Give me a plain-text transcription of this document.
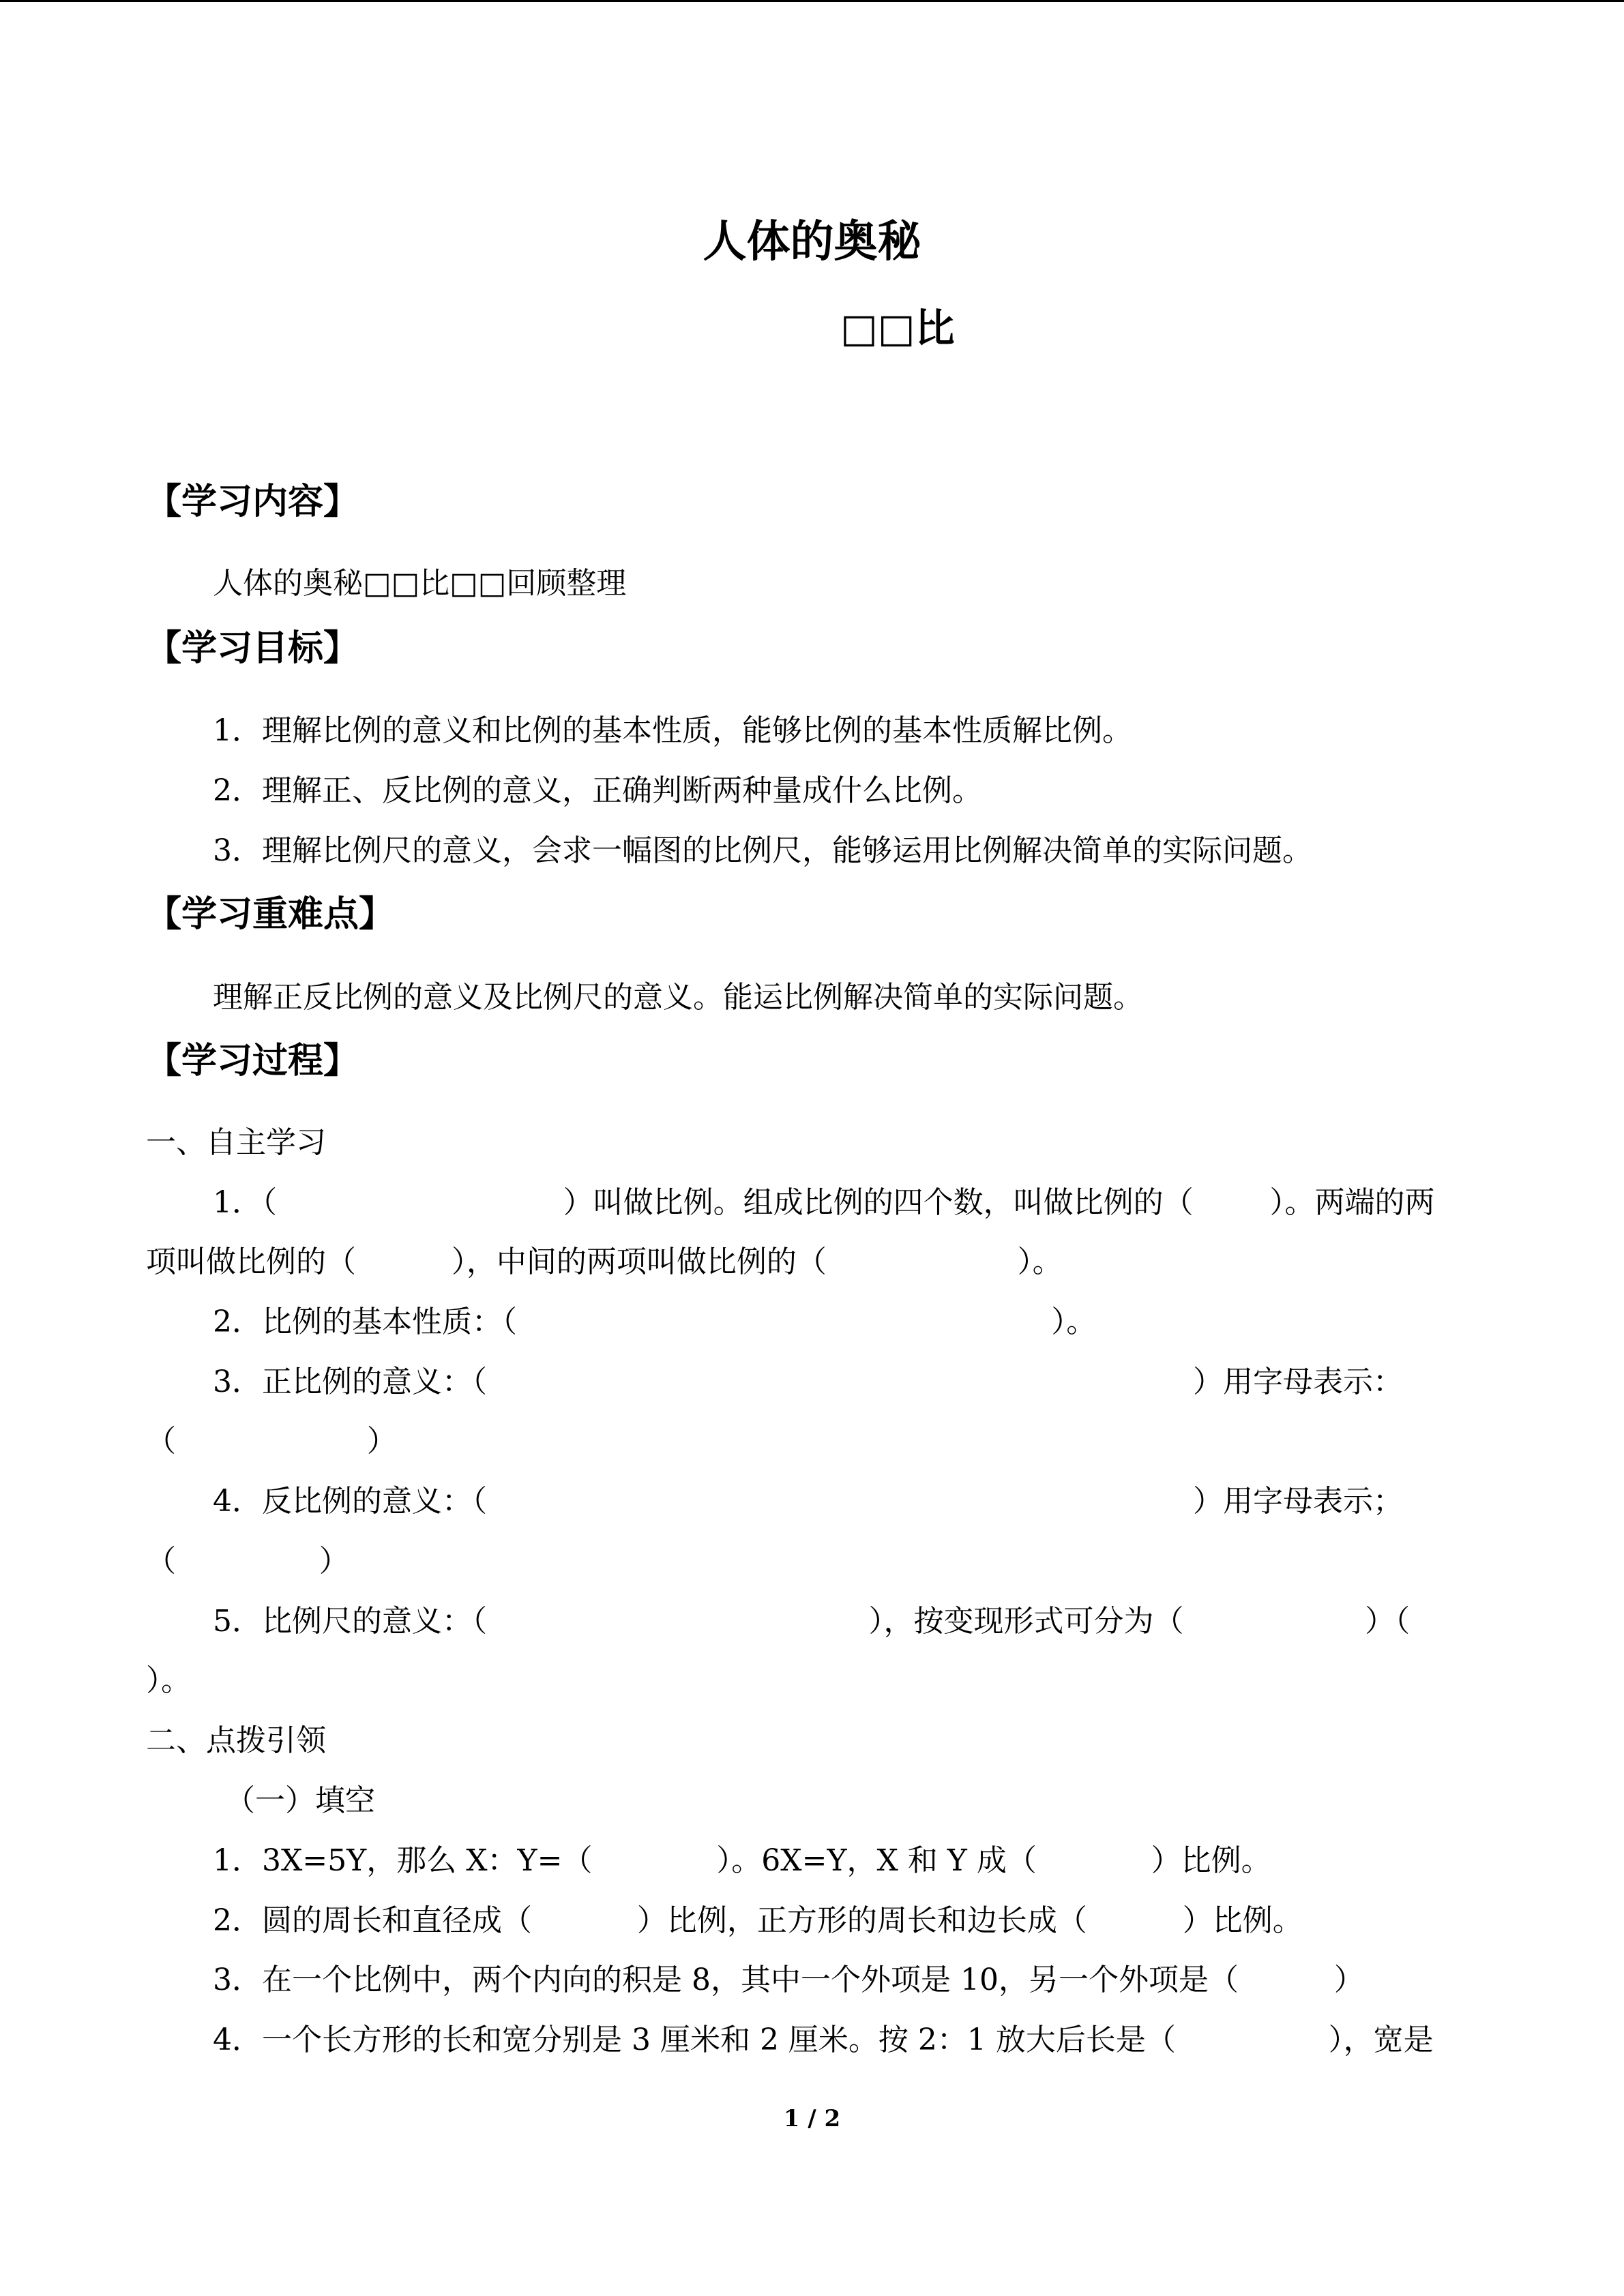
人体的奥秘
□□比
【学习内容】
人体的奥秘□□比□□回顾整理
【学习目标】
1．理解比例的意义和比例的基本性质，能够比例的基本性质解比例。
2．理解正、反比例的意义，正确判断两种量成什么比例。
3．理解比例尺的意义，会求一幅图的比例尺，能够运用比例解决简单的实际问题。
【学习重难点】
理解正反比例的意义及比例尺的意义。能运比例解决简单的实际问题。
【学习过程】
一、自主学习
1．（                              ）叫做比例。组成比例的四个数，叫做比例的（        ）。两端的两
项叫做比例的（          ），中间的两项叫做比例的（                    ）。
2．比例的基本性质：（                                                        ）。
3．正比例的意义：（                                                                          ）用字母表示：
（                    ）
4．反比例的意义：（                                                                          ）用字母表示；
（               ）
5．比例尺的意义：（                                        ），按变现形式可分为（                   ）（
）。
二、点拨引领
（一）填空
1．3X=5Y，那么 X：Y=（             ）。6X=Y，X 和 Y 成（            ）比例。
2．圆的周长和直径成（           ）比例，正方形的周长和边长成（          ）比例。
3．在一个比例中，两个内向的积是 8，其中一个外项是 10，另一个外项是（          ）
4．一个长方形的长和宽分别是 3 厘米和 2 厘米。按 2：1 放大后长是（                ），宽是
1 / 2
